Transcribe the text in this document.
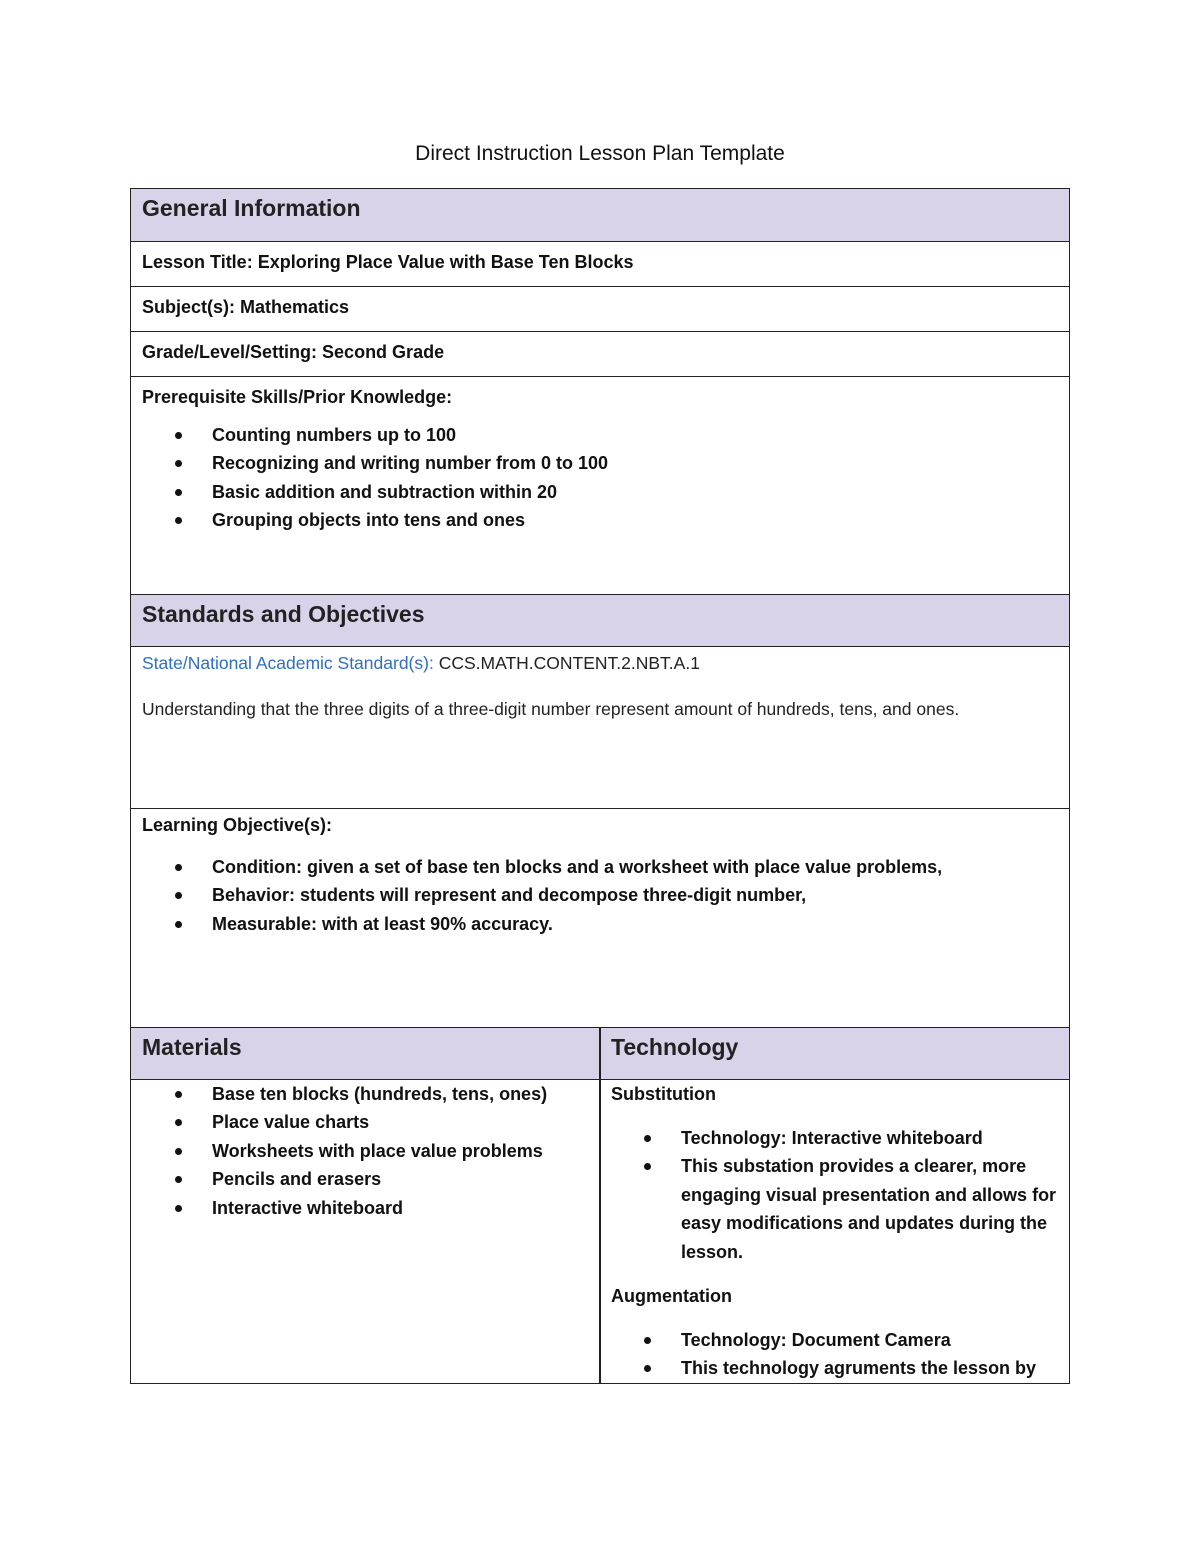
Direct Instruction Lesson Plan Template
General Information
Lesson Title: Exploring Place Value with Base Ten Blocks
Subject(s): Mathematics
Grade/Level/Setting: Second Grade
Prerequisite Skills/Prior Knowledge:
Counting numbers up to 100
Recognizing and writing number from 0 to 100
Basic addition and subtraction within 20
Grouping objects into tens and ones
Standards and Objectives
State/National Academic Standard(s): CCS.MATH.CONTENT.2.NBT.A.1
Understanding that the three digits of a three-digit number represent amount of hundreds, tens, and ones.
Learning Objective(s):
Condition: given a set of base ten blocks and a worksheet with place value problems,
Behavior: students will represent and decompose three-digit number,
Measurable: with at least 90% accuracy.
Materials	Technology
Base ten blocks (hundreds, tens, ones)
Place value charts
Worksheets with place value problems
Pencils and erasers
Interactive whiteboard
Substitution
Technology: Interactive whiteboard
This substation provides a clearer, more engaging visual presentation and allows for easy modifications and updates during the lesson.
Augmentation
Technology: Document Camera
This technology agruments the lesson by
